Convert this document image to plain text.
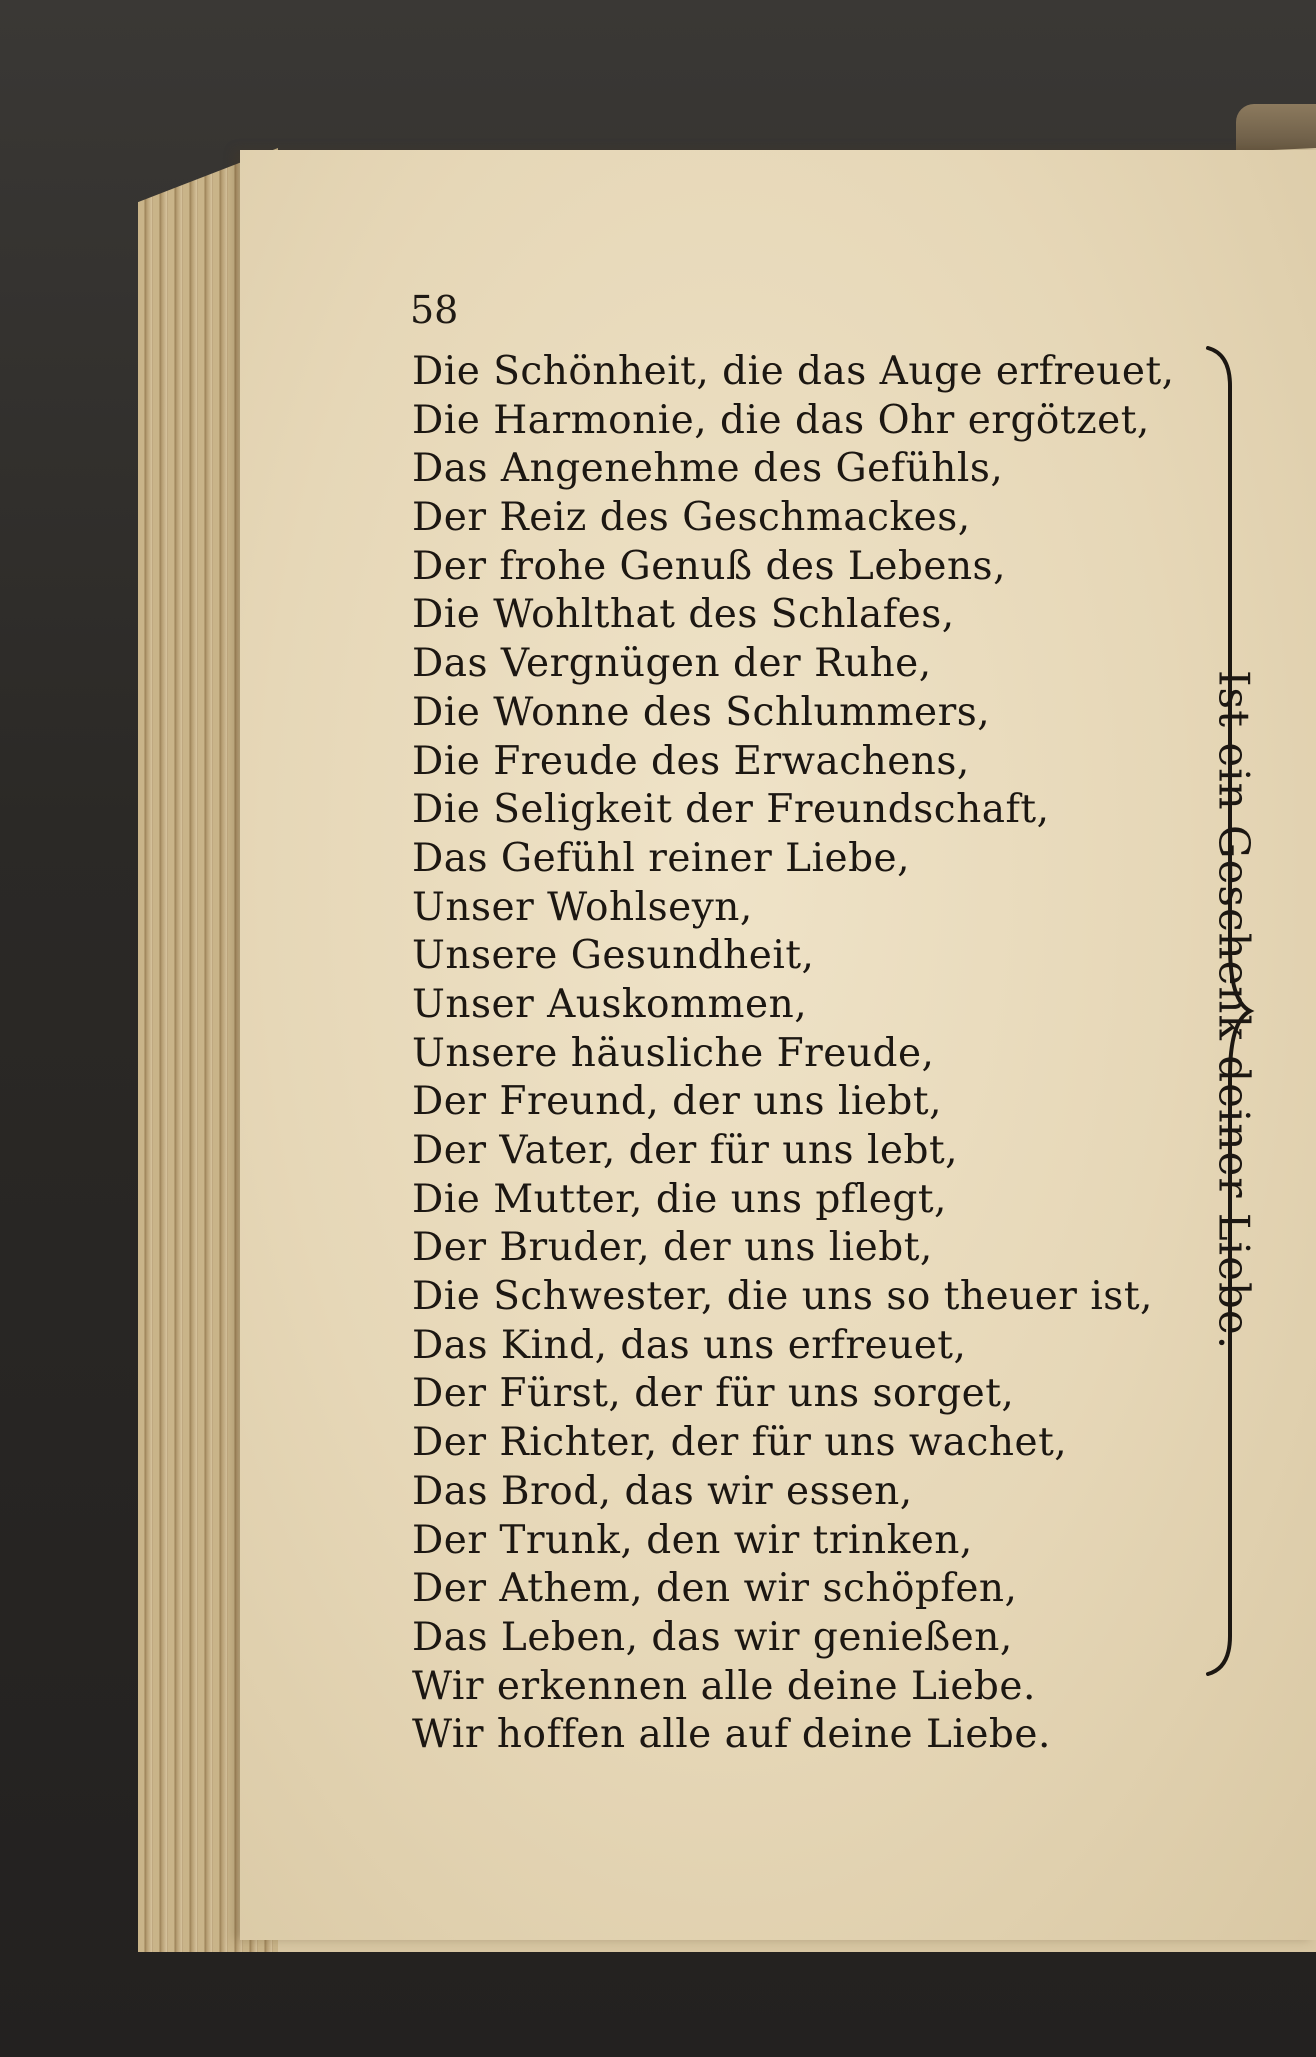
58
Die Schönheit, die das Auge erfreuet,
Die Harmonie, die das Ohr ergötzet,
Das Angenehme des Gefühls,
Der Reiz des Geschmackes,
Der frohe Genuß des Lebens,
Die Wohlthat des Schlafes,
Das Vergnügen der Ruhe,
Die Wonne des Schlummers,
Die Freude des Erwachens,
Die Seligkeit der Freundschaft,
Das Gefühl reiner Liebe,
Unser Wohlseyn,
Unsere Gesundheit,
Unser Auskommen,
Unsere häusliche Freude,
Der Freund, der uns liebt,
Der Vater, der für uns lebt,
Die Mutter, die uns pflegt,
Der Bruder, der uns liebt,
Die Schwester, die uns so theuer ist,
Das Kind, das uns erfreuet,
Der Fürst, der für uns sorget,
Der Richter, der für uns wachet,
Das Brod, das wir essen,
Der Trunk, den wir trinken,
Der Athem, den wir schöpfen,
Das Leben, das wir genießen,
Wir erkennen alle deine Liebe.
Wir hoffen alle auf deine Liebe.
Ist ein Geschenk deiner Liebe.
